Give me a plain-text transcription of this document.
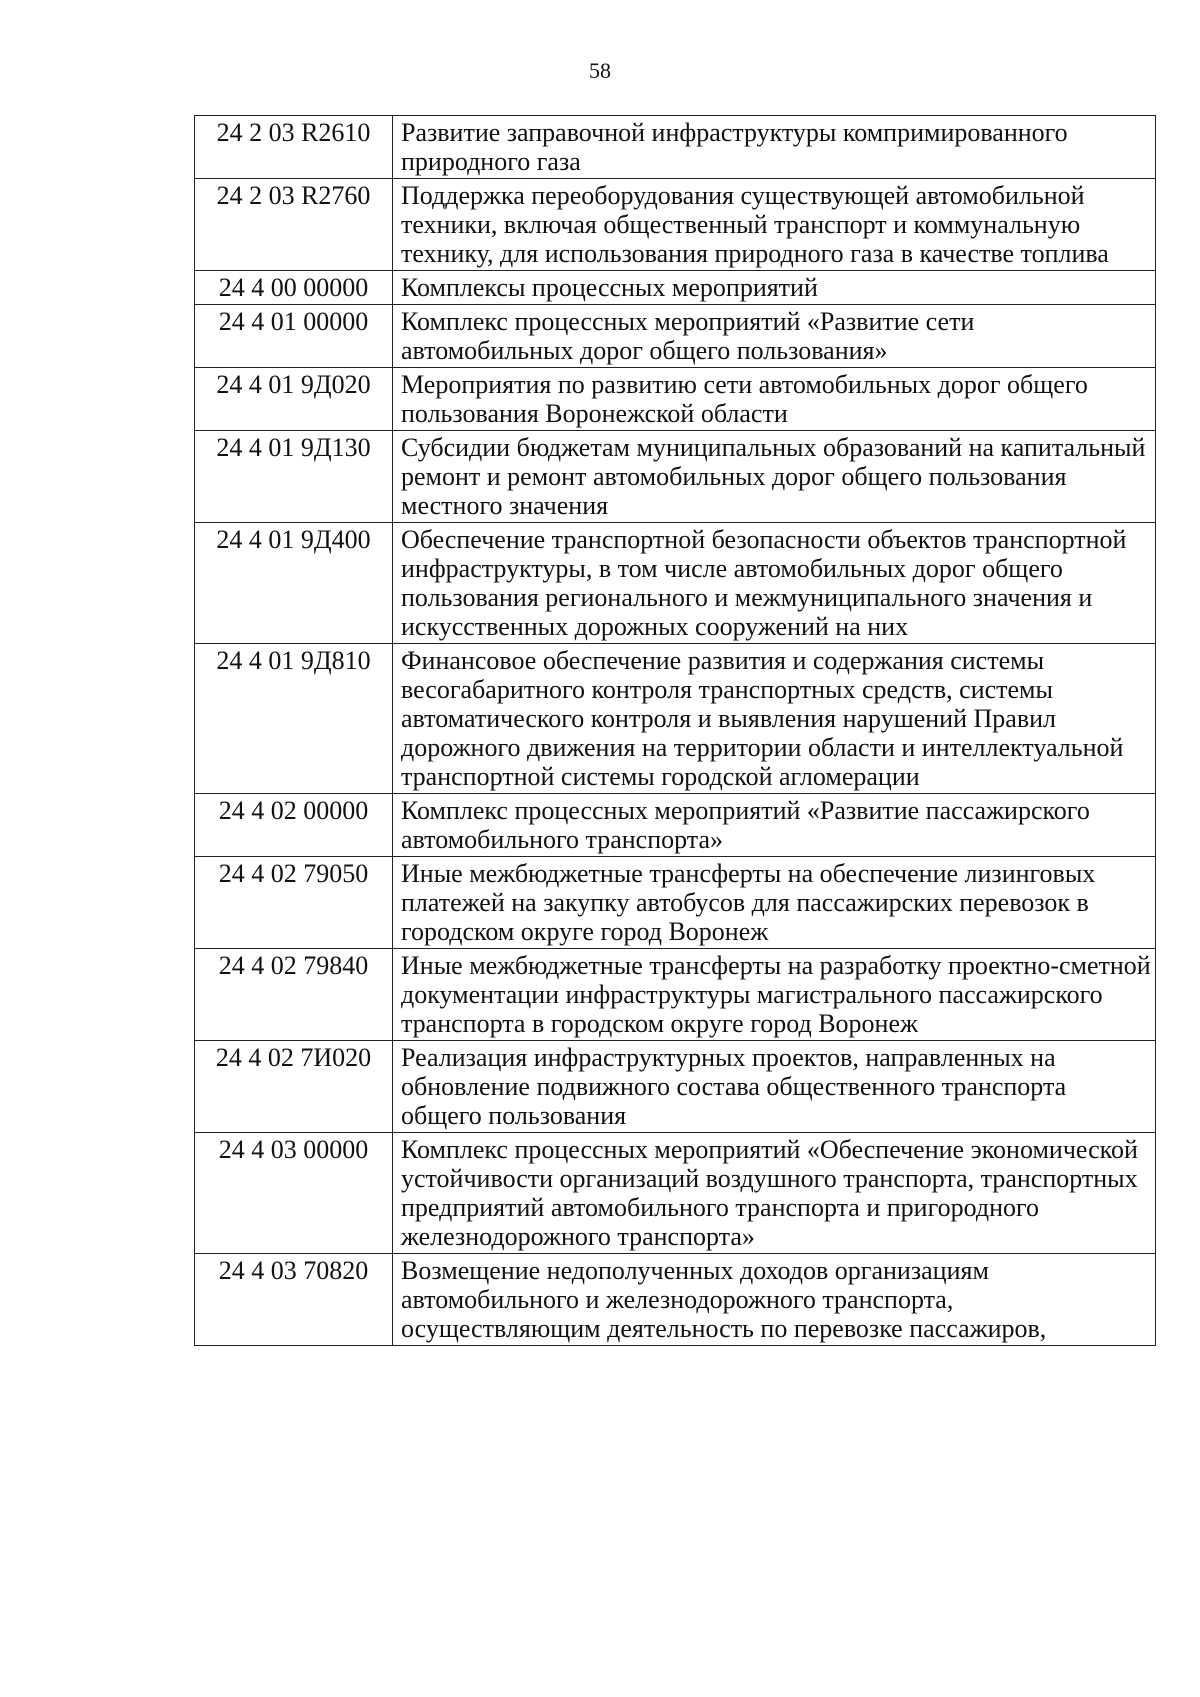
58
24 2 03 R2610	Развитие заправочной инфраструктуры компримированного природного газа
24 2 03 R2760	Поддержка переоборудования существующей автомобильной техники, включая общественный транспорт и коммунальную технику, для использования природного газа в качестве топлива
24 4 00 00000	Комплексы процессных мероприятий
24 4 01 00000	Комплекс процессных мероприятий «Развитие сети автомобильных дорог общего пользования»
24 4 01 9Д020	Мероприятия по развитию сети автомобильных дорог общего пользования Воронежской области
24 4 01 9Д130	Субсидии бюджетам муниципальных образований на капитальный ремонт и ремонт автомобильных дорог общего пользования местного значения
24 4 01 9Д400	Обеспечение транспортной безопасности объектов транспортной инфраструктуры, в том числе автомобильных дорог общего пользования регионального и межмуниципального значения и искусственных дорожных сооружений на них
24 4 01 9Д810	Финансовое обеспечение развития и содержания системы весогабаритного контроля транспортных средств, системы автоматического контроля и выявления нарушений Правил дорожного движения на территории области и интеллектуальной транспортной системы городской агломерации
24 4 02 00000	Комплекс процессных мероприятий «Развитие пассажирского автомобильного транспорта»
24 4 02 79050	Иные межбюджетные трансферты на обеспечение лизинговых платежей на закупку автобусов для пассажирских перевозок в городском округе город Воронеж
24 4 02 79840	Иные межбюджетные трансферты на разработку проектно-сметной документации инфраструктуры магистрального пассажирского транспорта в городском округе город Воронеж
24 4 02 7И020	Реализация инфраструктурных проектов, направленных на обновление подвижного состава общественного транспорта общего пользования
24 4 03 00000	Комплекс процессных мероприятий «Обеспечение экономической устойчивости организаций воздушного транспорта, транспортных предприятий автомобильного транспорта и пригородного железнодорожного транспорта»
24 4 03 70820	Возмещение недополученных доходов организациям автомобильного и железнодорожного транспорта, осуществляющим деятельность по перевозке пассажиров,
